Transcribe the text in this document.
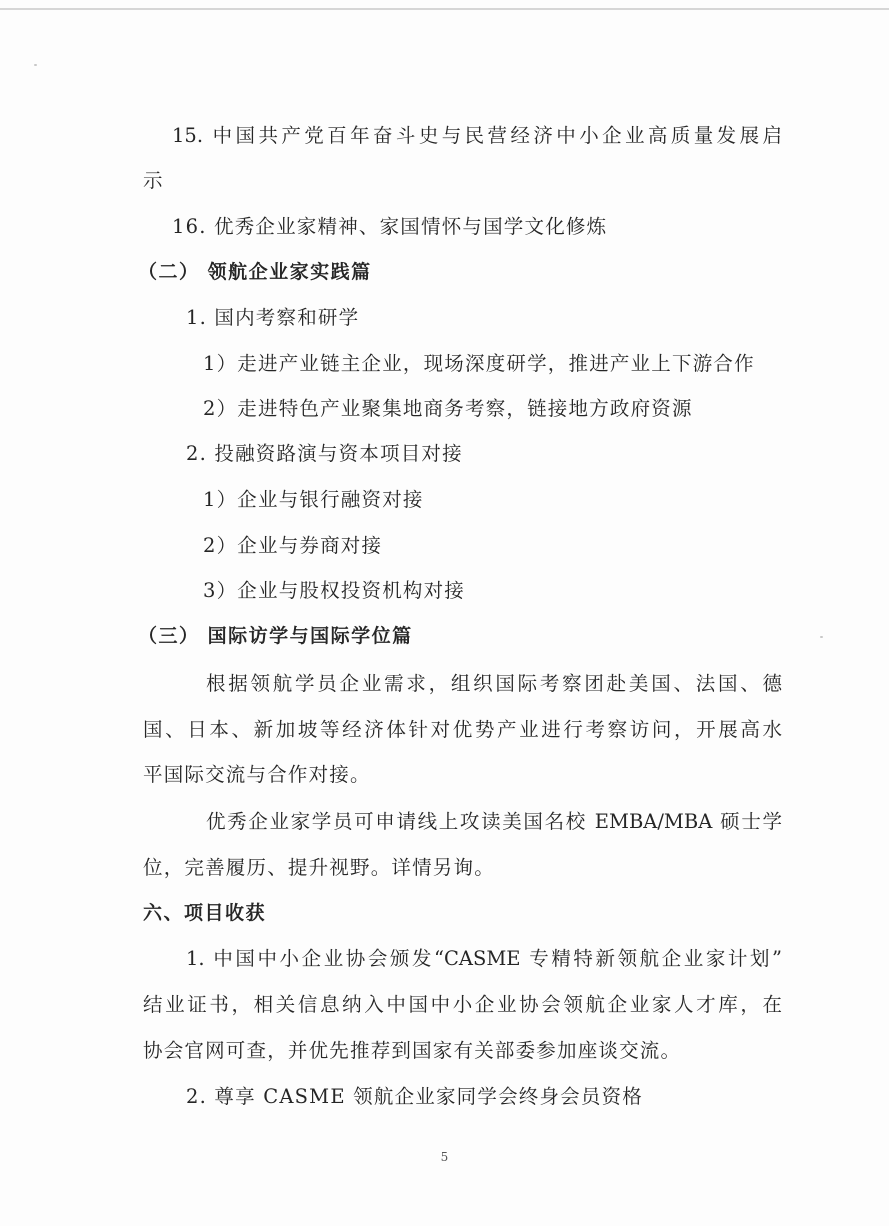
15. 中国共产党百年奋斗史与民营经济中小企业高质量发展启
示
16. 优秀企业家精神、家国情怀与国学文化修炼
（二） 领航企业家实践篇
1. 国内考察和研学
1）走进产业链主企业，现场深度研学，推进产业上下游合作
2）走进特色产业聚集地商务考察，链接地方政府资源
2. 投融资路演与资本项目对接
1）企业与银行融资对接
2）企业与券商对接
3）企业与股权投资机构对接
（三） 国际访学与国际学位篇
根据领航学员企业需求，组织国际考察团赴美国、法国、德
国、日本、新加坡等经济体针对优势产业进行考察访问，开展高水
平国际交流与合作对接。
优秀企业家学员可申请线上攻读美国名校 EMBA/MBA 硕士学
位，完善履历、提升视野。详情另询。
六、项目收获
1. 中国中小企业协会颁发“CASME 专精特新领航企业家计划”
结业证书，相关信息纳入中国中小企业协会领航企业家人才库，在
协会官网可查，并优先推荐到国家有关部委参加座谈交流。
2. 尊享 CASME 领航企业家同学会终身会员资格
5
